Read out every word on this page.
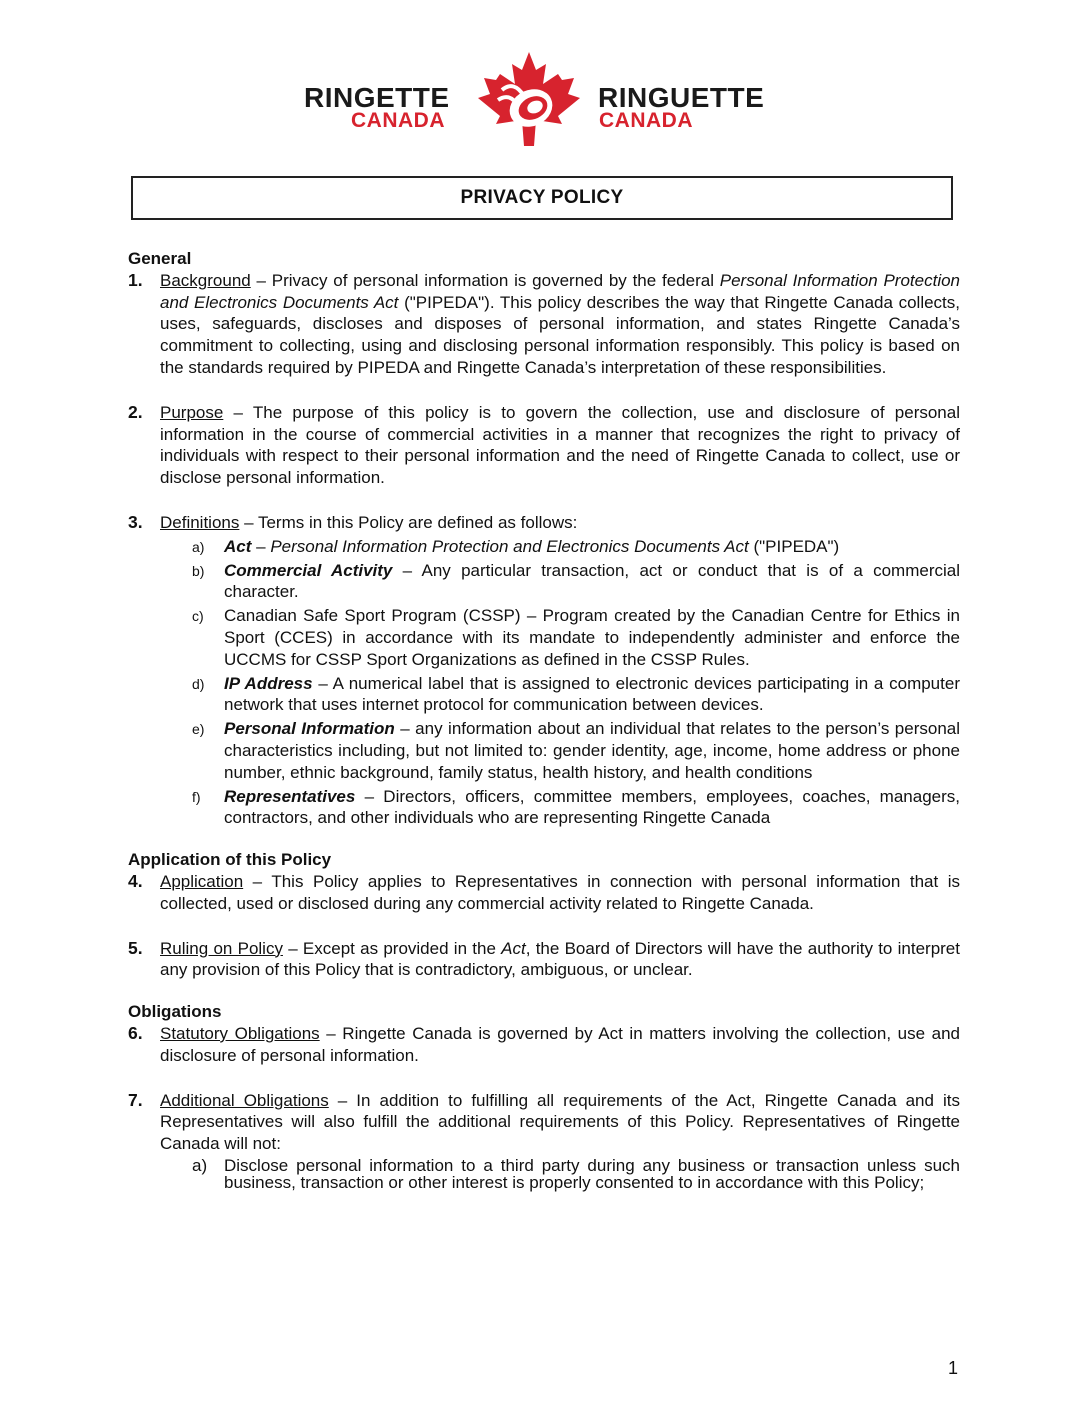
RINGETTE
CANADA
RINGUETTE
CANADA
PRIVACY POLICY
General
1. Background – Privacy of personal information is governed by the federal Personal Information Protection and Electronics Documents Act ("PIPEDA"). This policy describes the way that Ringette Canada collects, uses, safeguards, discloses and disposes of personal information, and states Ringette Canada’s commitment to collecting, using and disclosing personal information responsibly. This policy is based on the standards required by PIPEDA and Ringette Canada’s interpretation of these responsibilities.
2. Purpose – The purpose of this policy is to govern the collection, use and disclosure of personal information in the course of commercial activities in a manner that recognizes the right to privacy of individuals with respect to their personal information and the need of Ringette Canada to collect, use or disclose personal information.
3. Definitions – Terms in this Policy are defined as follows:
a) Act – Personal Information Protection and Electronics Documents Act ("PIPEDA")
b) Commercial Activity – Any particular transaction, act or conduct that is of a commercial character.
c) Canadian Safe Sport Program (CSSP) – Program created by the Canadian Centre for Ethics in Sport (CCES) in accordance with its mandate to independently administer and enforce the UCCMS for CSSP Sport Organizations as defined in the CSSP Rules.
d) IP Address – A numerical label that is assigned to electronic devices participating in a computer network that uses internet protocol for communication between devices.
e) Personal Information – any information about an individual that relates to the person’s personal characteristics including, but not limited to: gender identity, age, income, home address or phone number, ethnic background, family status, health history, and health conditions
f) Representatives – Directors, officers, committee members, employees, coaches, managers, contractors, and other individuals who are representing Ringette Canada
Application of this Policy
4. Application – This Policy applies to Representatives in connection with personal information that is collected, used or disclosed during any commercial activity related to Ringette Canada.
5. Ruling on Policy – Except as provided in the Act, the Board of Directors will have the authority to interpret any provision of this Policy that is contradictory, ambiguous, or unclear.
Obligations
6. Statutory Obligations – Ringette Canada is governed by Act in matters involving the collection, use and disclosure of personal information.
7. Additional Obligations – In addition to fulfilling all requirements of the Act, Ringette Canada and its Representatives will also fulfill the additional requirements of this Policy. Representatives of Ringette Canada will not:
a) Disclose personal information to a third party during any business or transaction unless such business, transaction or other interest is properly consented to in accordance with this Policy;
1
